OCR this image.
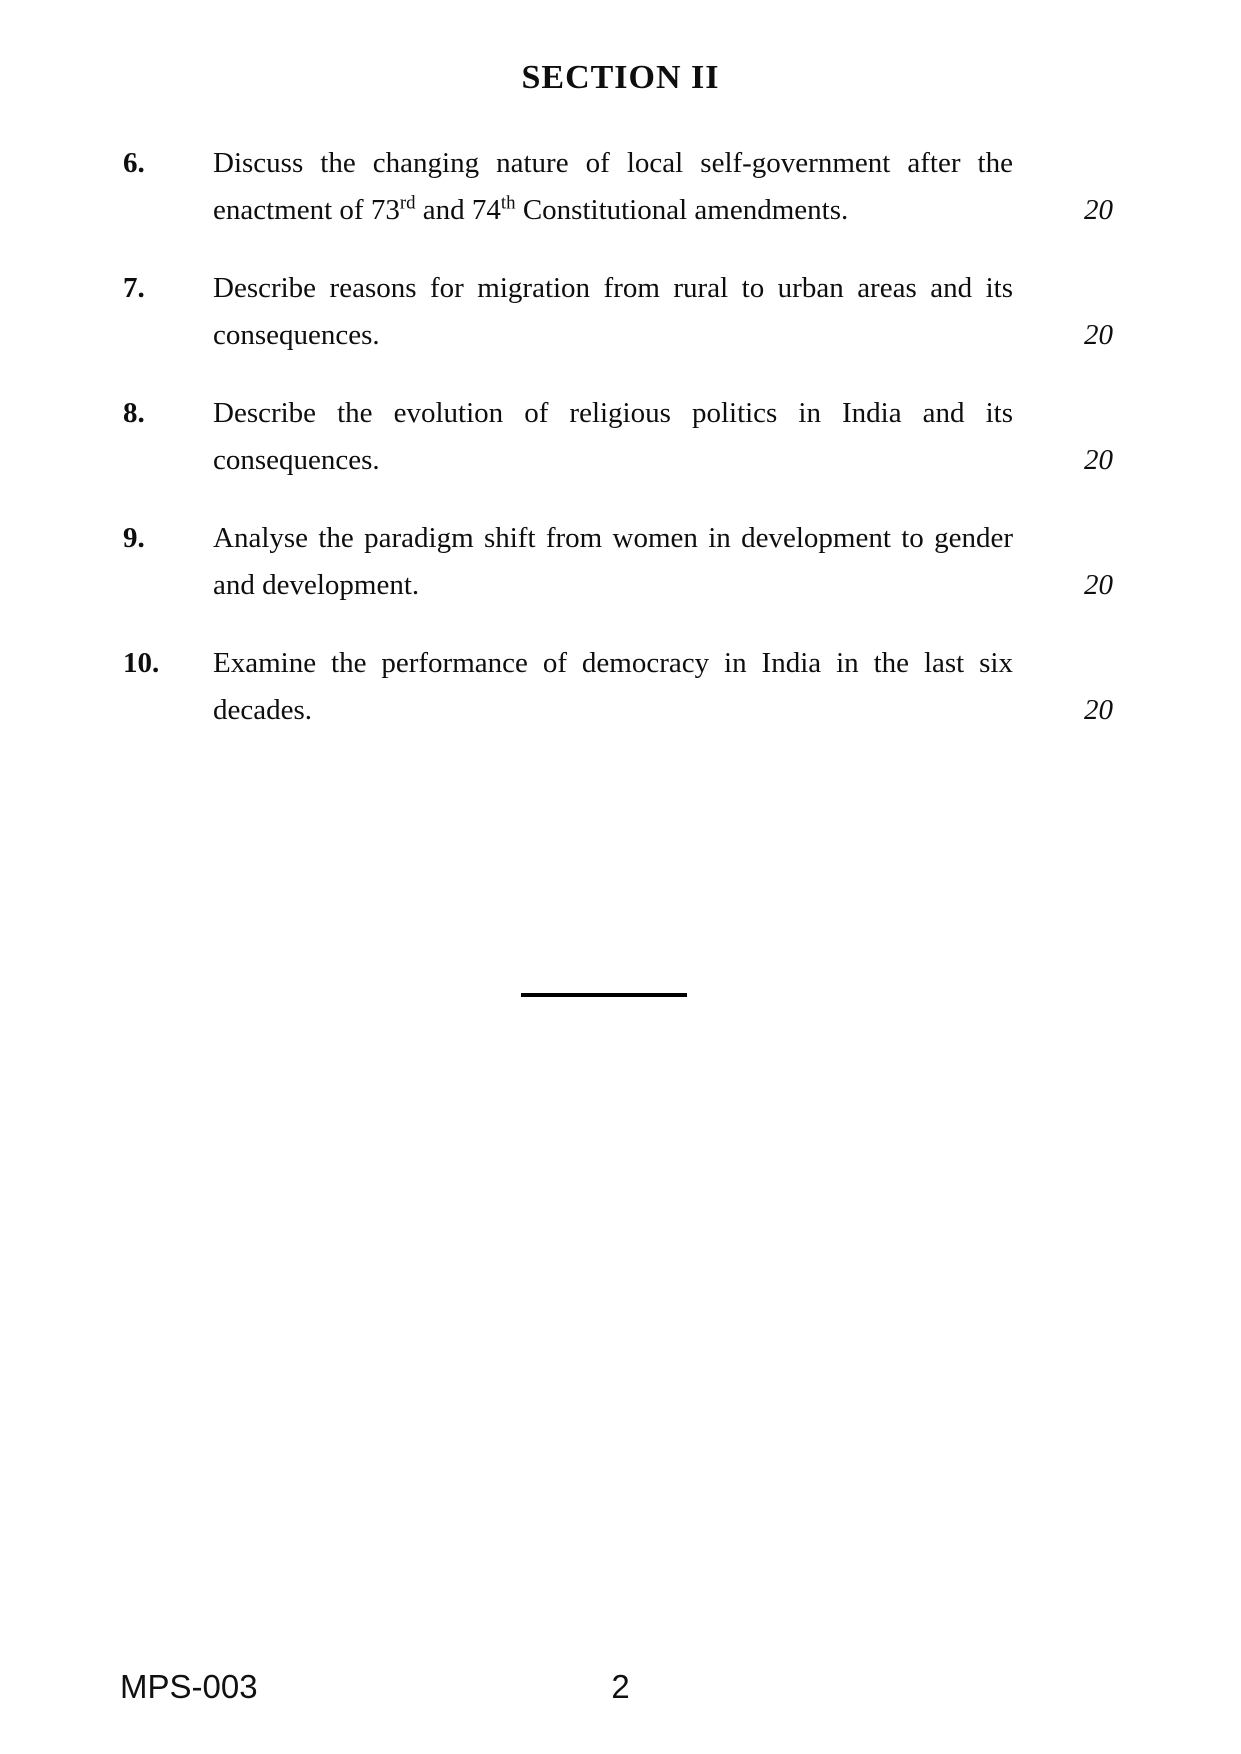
SECTION II
6.	Discuss the changing nature of local self-government after the enactment of 73rd and 74th Constitutional amendments.	20
7.	Describe reasons for migration from rural to urban areas and its consequences.	20
8.	Describe the evolution of religious politics in India and its consequences.	20
9.	Analyse the paradigm shift from women in development to gender and development.	20
10.	Examine the performance of democracy in India in the last six decades.	20
2
MPS-003
